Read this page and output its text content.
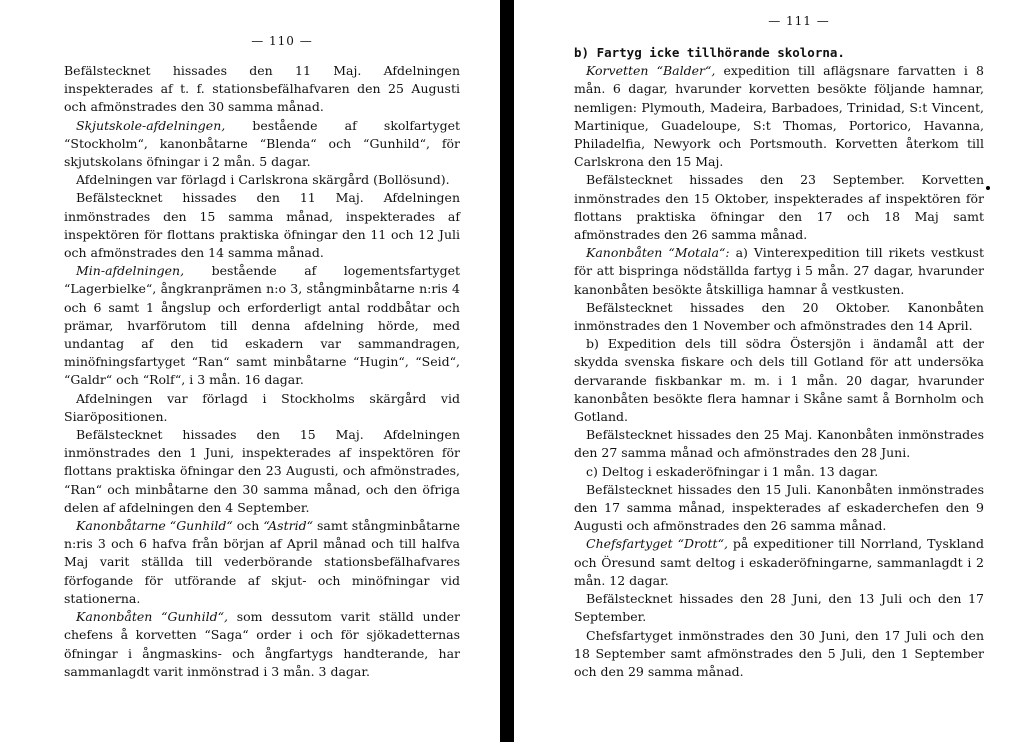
— 110 —

Befälstecknet hissades den 11 Maj. Afdelningen inspekterades af t. f. stationsbefälhafvaren den 25 Augusti och afmönstrades den 30 samma månad.

Skjutskole-afdelningen, bestående af skolfartyget “Stockholm“, kanonbåtarne “Blenda“ och “Gunhild“, för skjutskolans öfningar i 2 mån. 5 dagar.

Afdelningen var förlagd i Carlskrona skärgård (Bollösund).

Befälstecknet hissades den 11 Maj. Afdelningen inmönstrades den 15 samma månad, inspekterades af inspektören för flottans praktiska öfningar den 11 och 12 Juli och afmönstrades den 14 samma månad.

Min-afdelningen, bestående af logementsfartyget “Lagerbielke“, ångkranprämen n:o 3, stångminbåtarne n:ris 4 och 6 samt 1 ångslup och erforderligt antal roddbåtar och prämar, hvarförutom till denna afdelning hörde, med undantag af den tid eskadern var sammandragen, minöfningsfartyget “Ran“ samt minbåtarne “Hugin“, “Seid“, “Galdr“ och “Rolf“, i 3 mån. 16 dagar.

Afdelningen var förlagd i Stockholms skärgård vid Siaröpositionen.

Befälstecknet hissades den 15 Maj. Afdelningen inmönstrades den 1 Juni, inspekterades af inspektören för flottans praktiska öfningar den 23 Augusti, och afmönstrades, “Ran“ och minbåtarne den 30 samma månad, och den öfriga delen af afdelningen den 4 September.

Kanonbåtarne “Gunhild“ och “Astrid“ samt stångminbåtarne n:ris 3 och 6 hafva från början af April månad och till halfva Maj varit ställda till vederbörande stationsbefälhafvares förfogande för utförande af skjut- och minöfningar vid stationerna.

Kanonbåten “Gunhild“, som dessutom varit ställd under chefens å korvetten “Saga“ order i och för sjökadetternas öfningar i ångmaskins- och ångfartygs handterande, har sammanlagdt varit inmönstrad i 3 mån. 3 dagar.

— 111 —

b) Fartyg icke tillhörande skolorna.

Korvetten “Balder“, expedition till aflägsnare farvatten i 8 mån. 6 dagar, hvarunder korvetten besökte följande hamnar, nemligen: Plymouth, Madeira, Barbadoes, Trinidad, S:t Vincent, Martinique, Guadeloupe, S:t Thomas, Portorico, Havanna, Philadelfia, Newyork och Portsmouth. Korvetten återkom till Carlskrona den 15 Maj.

Befälstecknet hissades den 23 September. Korvetten inmönstrades den 15 Oktober, inspekterades af inspektören för flottans praktiska öfningar den 17 och 18 Maj samt afmönstrades den 26 samma månad.

Kanonbåten “Motala“: a) Vinterexpedition till rikets vestkust för att bispringa nödställda fartyg i 5 mån. 27 dagar, hvarunder kanonbåten besökte åtskilliga hamnar å vestkusten.

Befälstecknet hissades den 20 Oktober. Kanonbåten inmönstrades den 1 November och afmönstrades den 14 April.

b) Expedition dels till södra Östersjön i ändamål att der skydda svenska fiskare och dels till Gotland för att undersöka dervarande fiskbankar m. m. i 1 mån. 20 dagar, hvarunder kanonbåten besökte flera hamnar i Skåne samt å Bornholm och Gotland.

Befälstecknet hissades den 25 Maj. Kanonbåten inmönstrades den 27 samma månad och afmönstrades den 28 Juni.

c) Deltog i eskaderöfningar i 1 mån. 13 dagar.

Befälstecknet hissades den 15 Juli. Kanonbåten inmönstrades den 17 samma månad, inspekterades af eskaderchefen den 9 Augusti och afmönstrades den 26 samma månad.

Chefsfartyget “Drott“, på expeditioner till Norrland, Tyskland och Öresund samt deltog i eskaderöfningarne, sammanlagdt i 2 mån. 12 dagar.

Befälstecknet hissades den 28 Juni, den 13 Juli och den 17 September.

Chefsfartyget inmönstrades den 30 Juni, den 17 Juli och den 18 September samt afmönstrades den 5 Juli, den 1 September och den 29 samma månad.
